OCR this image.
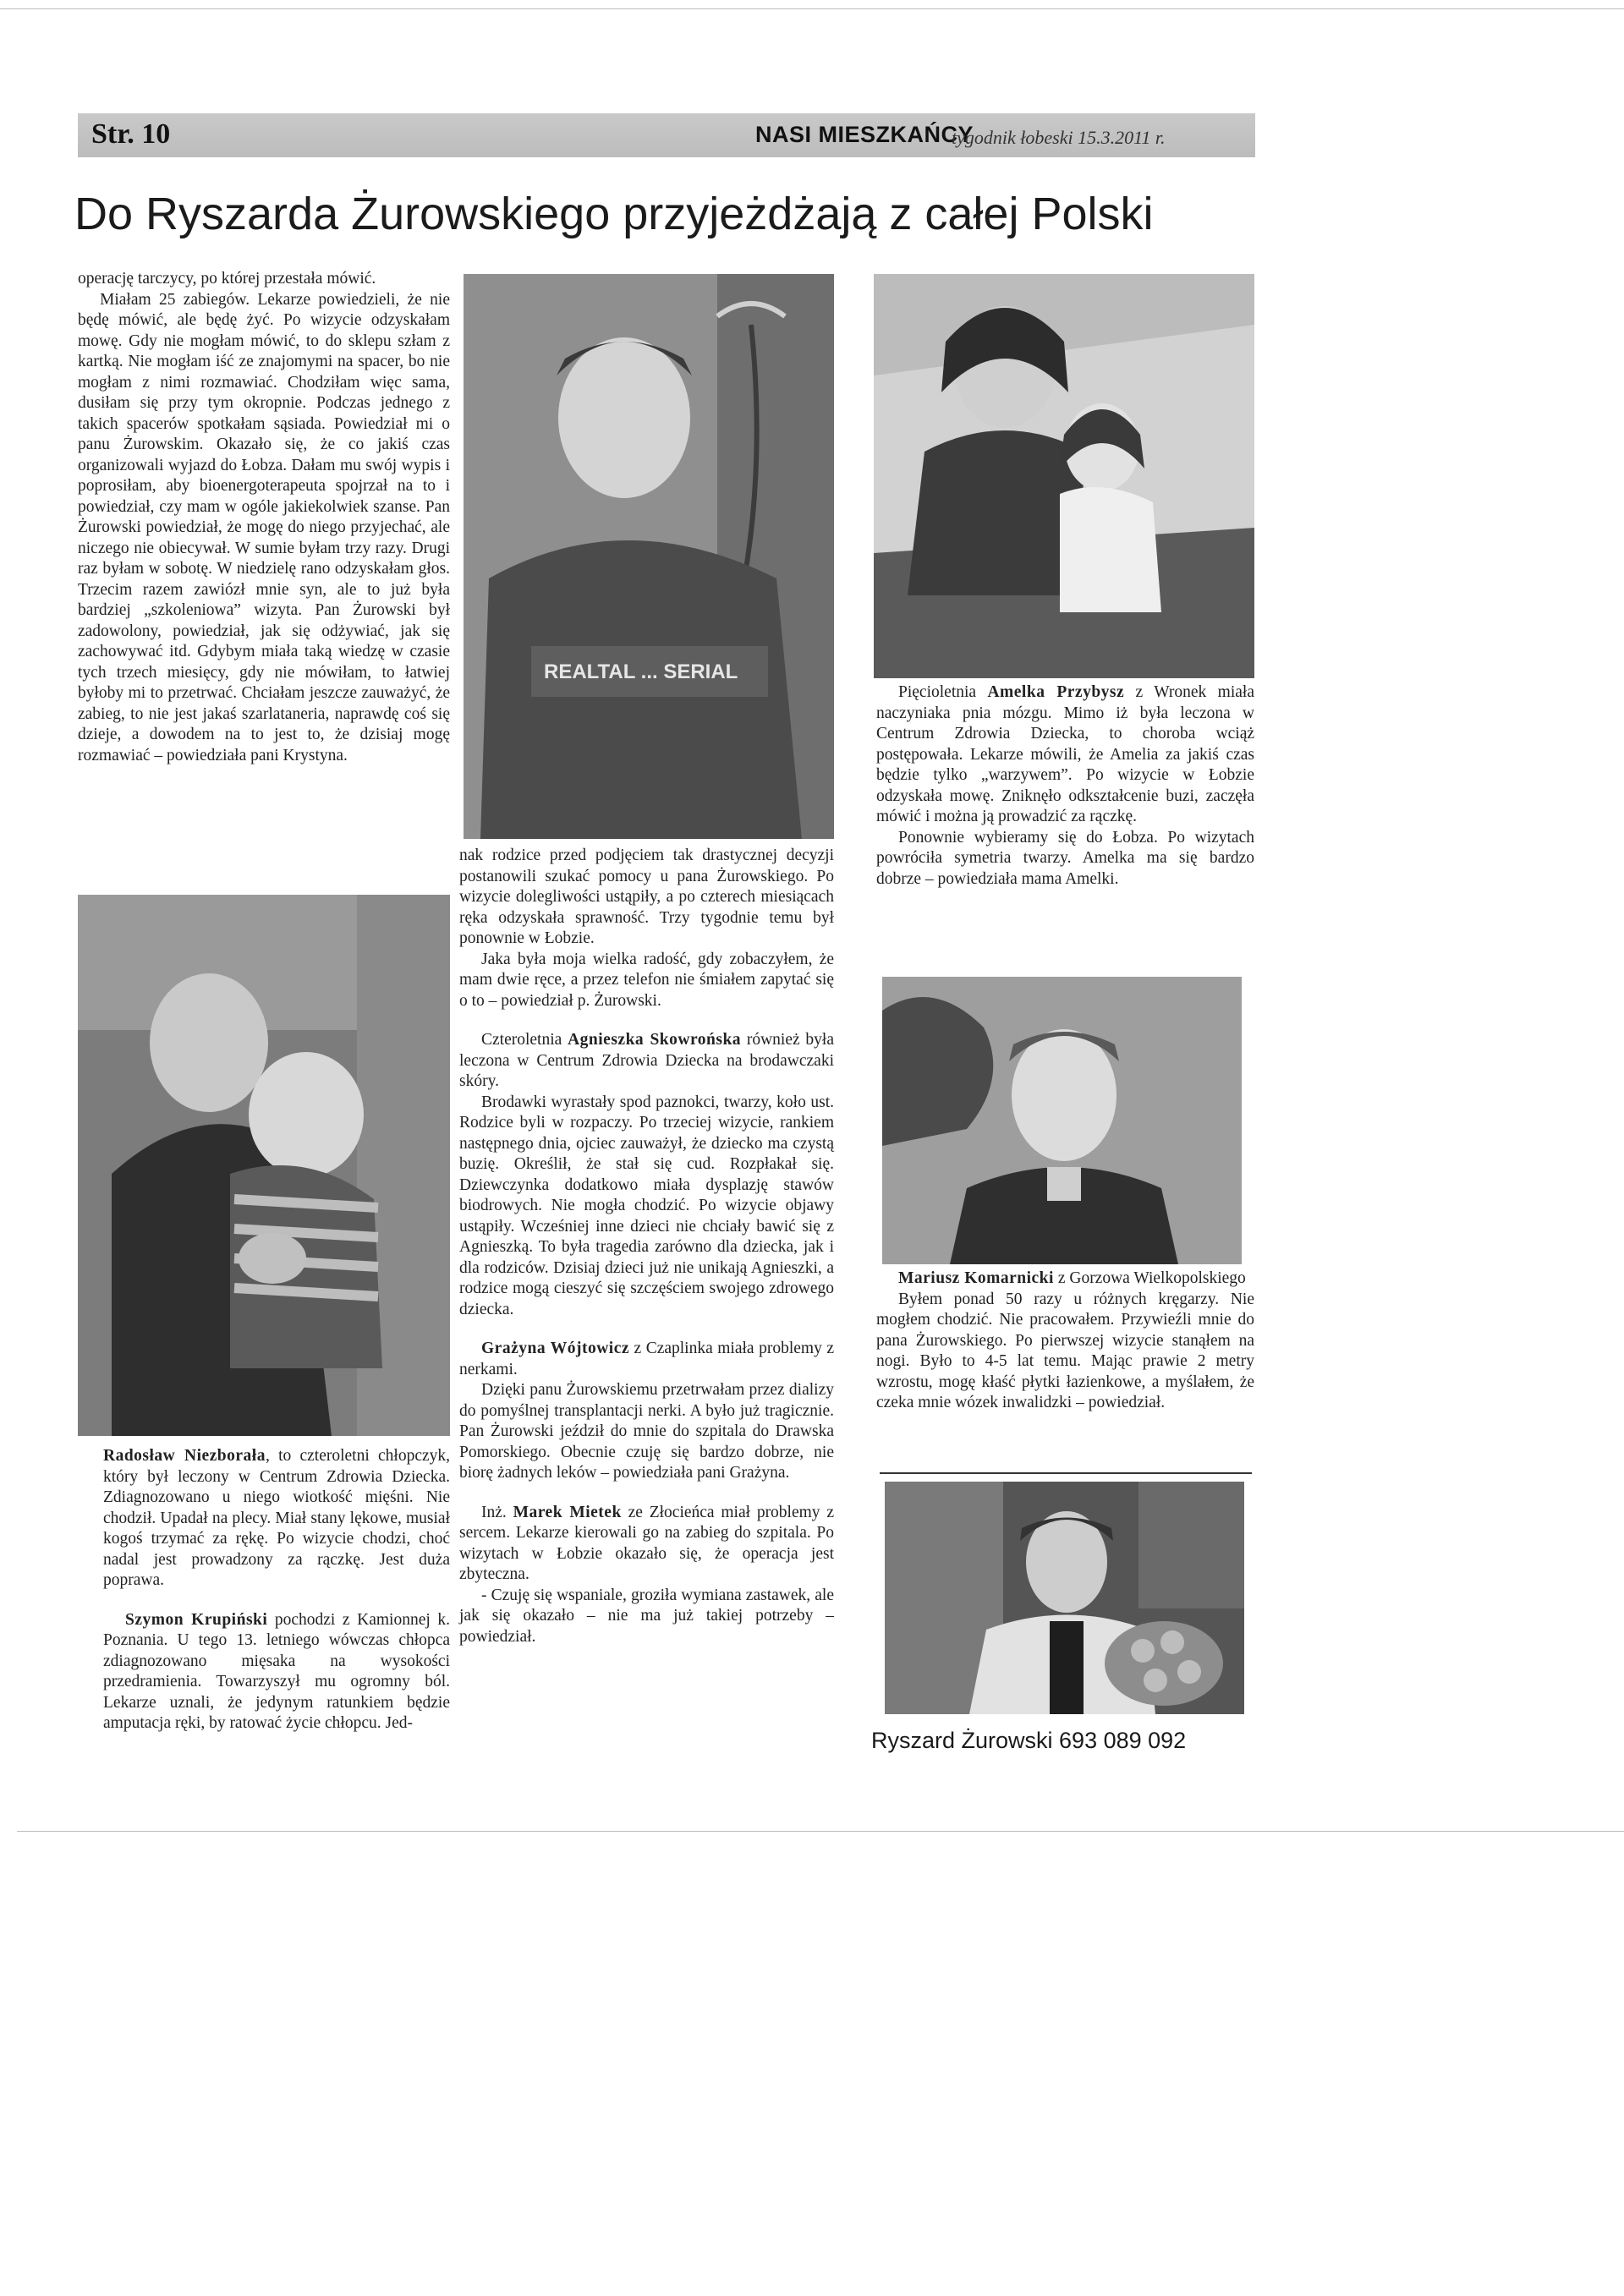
Str. 10	NASI MIESZKAŃCY
tygodnik łobeski 15.3.2011 r.
Do Ryszarda Żurowskiego przyjeżdżają z całej Polski

operację tarczycy, po której przestała mówić.

Miałam 25 zabiegów. Lekarze powiedzieli, że nie będę mówić, ale będę żyć. Po wizycie odzyskałam mowę. Gdy nie mogłam mówić, to do sklepu szłam z kartką. Nie mogłam iść ze znajomymi na spacer, bo nie mogłam z nimi rozmawiać. Chodziłam więc sama, dusiłam się przy tym okropnie. Podczas jednego z takich spacerów spotkałam sąsiada. Powiedział mi o panu Żurowskim. Okazało się, że co jakiś czas organizowali wyjazd do Łobza. Dałam mu swój wypis i poprosiłam, aby bioenergoterapeuta spojrzał na to i powiedział, czy mam w ogóle jakiekolwiek szanse. Pan Żurowski powiedział, że mogę do niego przyjechać, ale niczego nie obiecywał. W sumie byłam trzy razy. Drugi raz byłam w sobotę. W niedzielę rano odzyskałam głos. Trzecim razem zawiózł mnie syn, ale to już była bardziej „szkoleniowa” wizyta. Pan Żurowski był zadowolony, powiedział, jak się odżywiać, jak się zachowywać itd. Gdybym miała taką wiedzę w czasie tych trzech miesięcy, gdy nie mówiłam, to łatwiej byłoby mi to przetrwać. Chciałam jeszcze zauważyć, że zabieg, to nie jest jakaś szarlataneria, naprawdę coś się dzieje, a dowodem na to jest to, że dzisiaj mogę rozmawiać – powiedziała pani Krystyna.

Radosław Niezborała, to czteroletni chłopczyk, który był leczony w Centrum Zdrowia Dziecka. Zdiagnozowano u niego wiotkość mięśni. Nie chodził. Upadał na plecy. Miał stany lękowe, musiał kogoś trzymać za rękę. Po wizycie chodzi, choć nadal jest prowadzony za rączkę. Jest duża poprawa.

Szymon Krupiński pochodzi z Kamionnej k. Poznania. U tego 13. letniego wówczas chłopca zdiagnozowano mięsaka na wysokości przedramienia. Towarzyszył mu ogromny ból. Lekarze uznali, że jedynym ratunkiem będzie amputacja ręki, by ratować życie chłopcu. Jed-

REALTAL ... SERIAL

nak rodzice przed podjęciem tak drastycznej decyzji postanowili szukać pomocy u pana Żurowskiego. Po wizycie dolegliwości ustąpiły, a po czterech miesiącach ręka odzyskała sprawność. Trzy tygodnie temu był ponownie w Łobzie.

Jaka była moja wielka radość, gdy zobaczyłem, że mam dwie ręce, a przez telefon nie śmiałem zapytać się o to – powiedział p. Żurowski.

Czteroletnia Agnieszka Skowrońska również była leczona w Centrum Zdrowia Dziecka na brodawczaki skóry.

Brodawki wyrastały spod paznokci, twarzy, koło ust. Rodzice byli w rozpaczy. Po trzeciej wizycie, rankiem następnego dnia, ojciec zauważył, że dziecko ma czystą buzię. Określił, że stał się cud. Rozpłakał się. Dziewczynka dodatkowo miała dysplazję stawów biodrowych. Nie mogła chodzić. Po wizycie objawy ustąpiły. Wcześniej inne dzieci nie chciały bawić się z Agnieszką. To była tragedia zarówno dla dziecka, jak i dla rodziców. Dzisiaj dzieci już nie unikają Agnieszki, a rodzice mogą cieszyć się szczęściem swojego zdrowego dziecka.

Grażyna Wójtowicz z Czaplinka miała problemy z nerkami.

Dzięki panu Żurowskiemu przetrwałam przez dializy do pomyślnej transplantacji nerki. A było już tragicznie. Pan Żurowski jeździł do mnie do szpitala do Drawska Pomorskiego. Obecnie czuję się bardzo dobrze, nie biorę żadnych leków – powiedziała pani Grażyna.

Inż. Marek Mietek ze Złocieńca miał problemy z sercem. Lekarze kierowali go na zabieg do szpitala. Po wizytach w Łobzie okazało się, że operacja jest zbyteczna.

- Czuję się wspaniale, groziła wymiana zastawek, ale jak się okazało – nie ma już takiej potrzeby – powiedział.

Pięcioletnia Amelka Przybysz z Wronek miała naczyniaka pnia mózgu. Mimo iż była leczona w Centrum Zdrowia Dziecka, to choroba wciąż postępowała. Lekarze mówili, że Amelia za jakiś czas będzie tylko „warzywem”. Po wizycie w Łobzie odzyskała mowę. Zniknęło odkształcenie buzi, zaczęła mówić i można ją prowadzić za rączkę.

Ponownie wybieramy się do Łobza. Po wizytach powróciła symetria twarzy. Amelka ma się bardzo dobrze – powiedziała mama Amelki.

Mariusz Komarnicki z Gorzowa Wielkopolskiego

Byłem ponad 50 razy u różnych kręgarzy. Nie mogłem chodzić. Nie pracowałem. Przywieźli mnie do pana Żurowskiego. Po pierwszej wizycie stanąłem na nogi. Było to 4-5 lat temu. Mając prawie 2 metry wzrostu, mogę kłaść płytki łazienkowe, a myślałem, że czeka mnie wózek inwalidzki – powiedział.

Ryszard Żurowski 693 089 092
